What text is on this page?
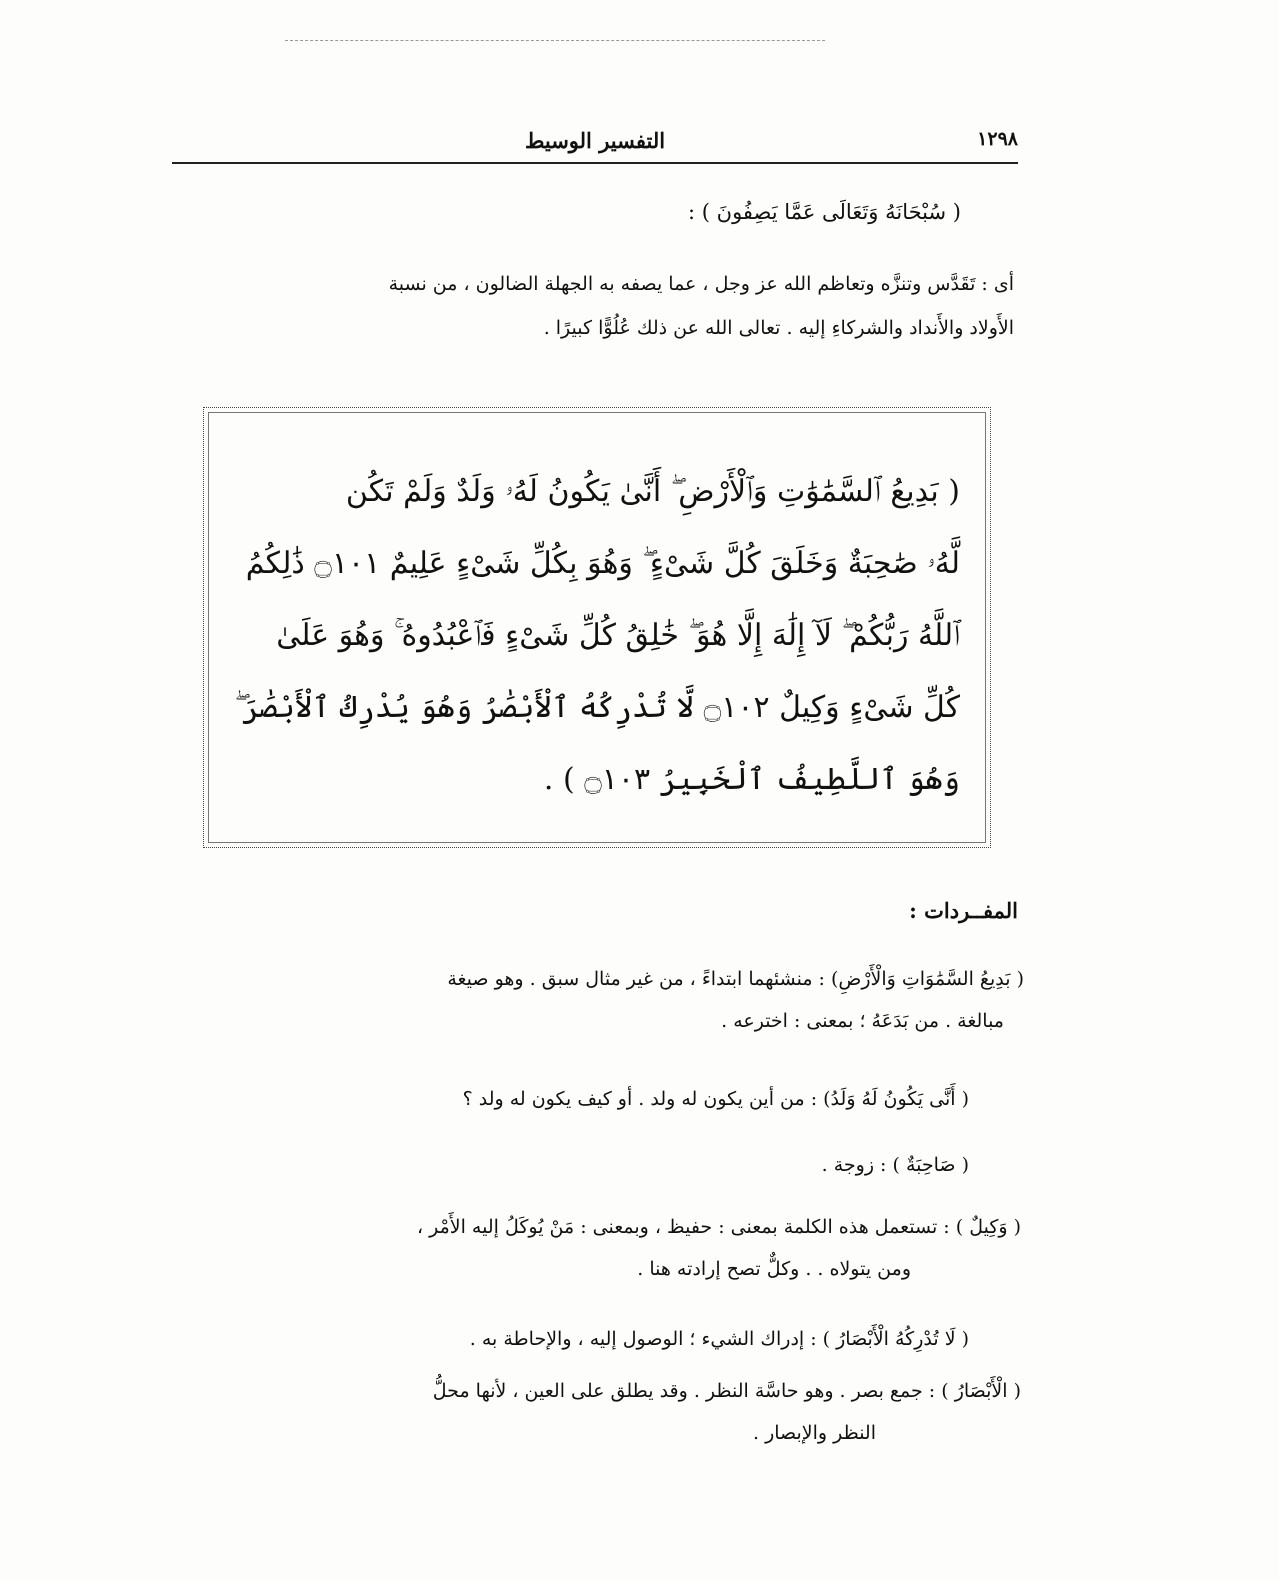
١٢٩٨
التفسير الوسيط
( سُبْحَانَهُ وَتَعَالَى عَمَّا يَصِفُونَ ) :
أى : تَقَدَّس وتنزَّه وتعاظم الله عز وجل ، عما يصفه به الجهلة الضالون ، من نسبة
الأَولاد والأَنداد والشركاءِ إليه . تعالى الله عن ذلك عُلُوًّا كبيرًا .
( بَدِيعُ ٱلسَّمَٰوَٰتِ وَٱلْأَرْضِ ۖ أَنَّىٰ يَكُونُ لَهُۥ وَلَدٌ وَلَمْ تَكُن
لَّهُۥ صَٰحِبَةٌ وَخَلَقَ كُلَّ شَىْءٍ ۖ وَهُوَ بِكُلِّ شَىْءٍ عَلِيمٌ ۝١٠١ ذَٰلِكُمُ
ٱللَّهُ رَبُّكُمْ ۖ لَآ إِلَٰهَ إِلَّا هُوَ ۖ خَٰلِقُ كُلِّ شَىْءٍ فَٱعْبُدُوهُ ۚ وَهُوَ عَلَىٰ
كُلِّ شَىْءٍ وَكِيلٌ ۝١٠٢ لَّا تُدْرِكُهُ ٱلْأَبْصَٰرُ وَهُوَ يُدْرِكُ ٱلْأَبْصَٰرَ ۖ
وَهُوَ ٱللَّطِيفُ ٱلْخَبِيرُ ۝١٠٣ ) .
المفــردات :

( بَدِيعُ السَّمَٰوَاتِ وَالْأَرْضِ) : منشئهما ابتداءً ، من غير مثال سبق . وهو صيغة

مبالغة . من بَدَعَهُ ؛ بمعنى : اخترعه .

( أَنَّى يَكُونُ لَهُ وَلَدُ) : من أين يكون له ولد . أو كيف يكون له ولد ؟

( صَاحِبَةٌ ) : زوجة .

( وَكِيلٌ ) : تستعمل هذه الكلمة بمعنى : حفيظ ، وبمعنى : مَنْ يُوكَلُ إليه الأَمْر ،

ومن يتولاه . . وكلٌّ تصح إرادته هنا .

( لَا تُدْرِكُهُ الْأَبْصَارُ ) : إدراك الشيء ؛ الوصول إليه ، والإحاطة به .

( الْأَبْصَارُ ) : جمع بصر . وهو حاسَّة النظر . وقد يطلق على العين ، لأنها محلُّ

النظر والإبصار .
